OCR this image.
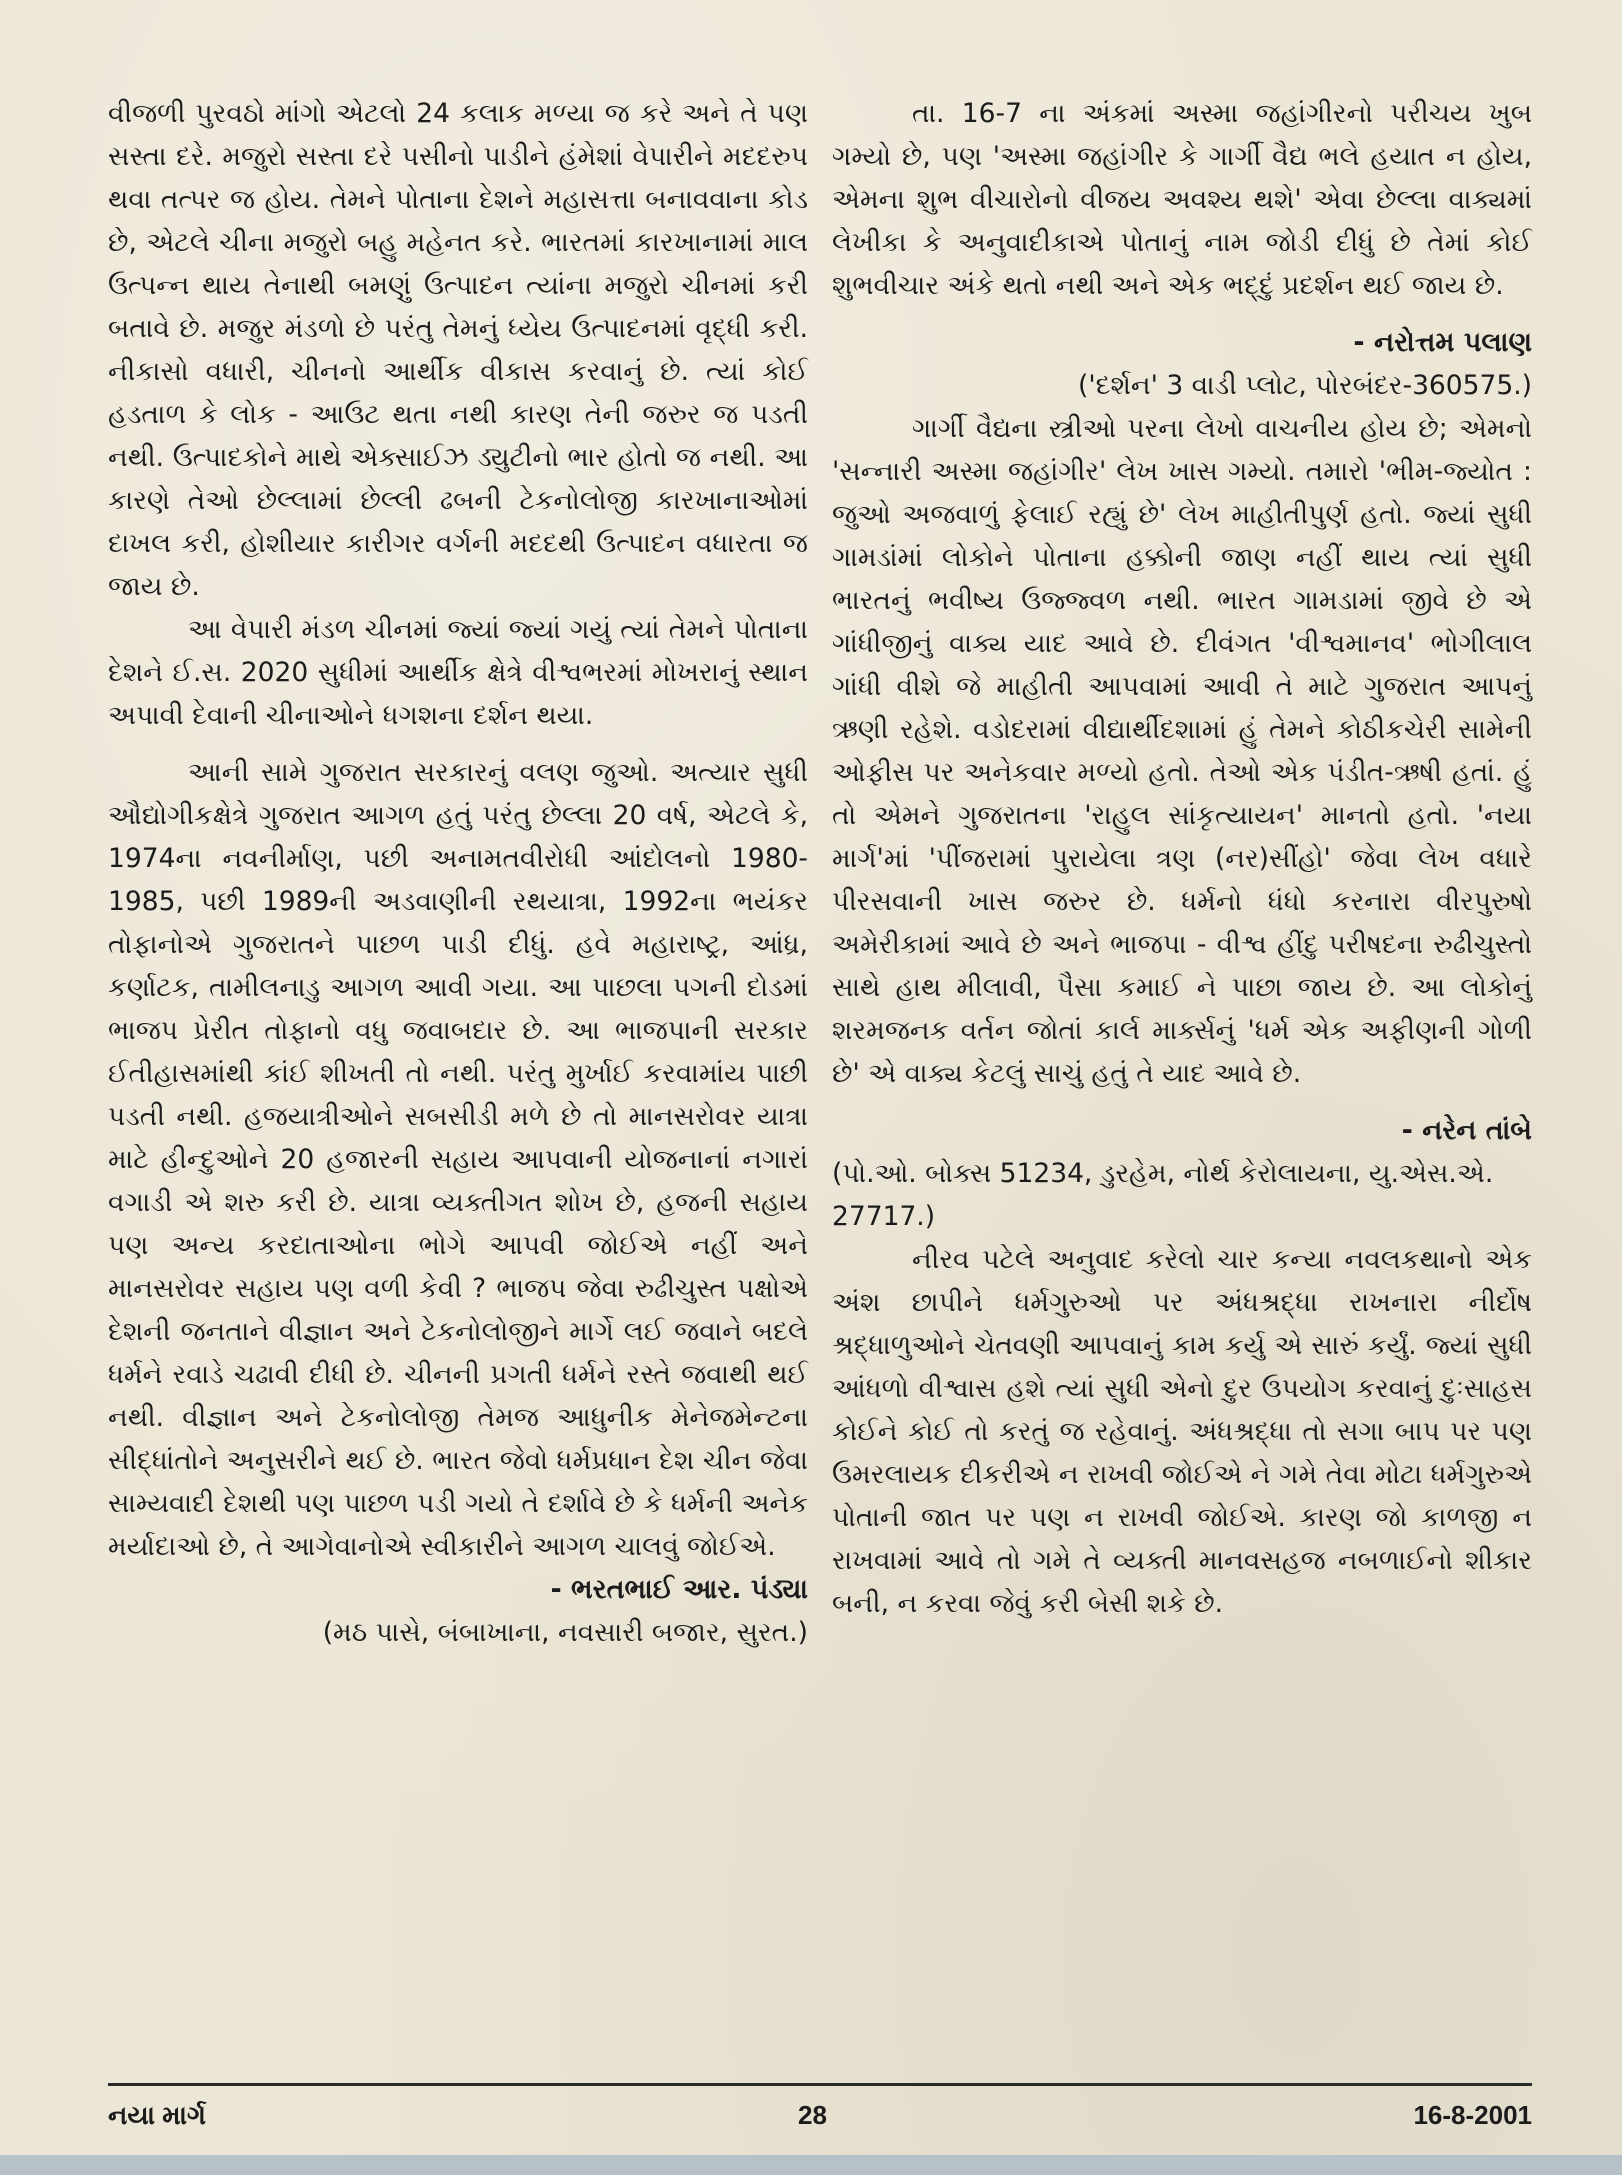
વીજળી પુરવઠો માંગો એટલો 24 કલાક મળ્યા જ કરે અને તે પણ સસ્તા દરે. મજુરો સસ્તા દરે પસીનો પાડીને હંમેશાં વેપારીને મદદરુપ થવા તત્પર જ હોય. તેમને પોતાના દેશને મહાસત્તા બનાવવાના કોડ છે, એટલે ચીના મજુરો બહુ મહેનત કરે. ભારતમાં કારખાનામાં માલ ઉત્પન્ન થાય તેનાથી બમણું ઉત્પાદન ત્યાંના મજુરો ચીનમાં કરી બતાવે છે. મજુર મંડળો છે પરંતુ તેમનું ધ્યેય ઉત્પાદનમાં વૃદ્ધી કરી. નીકાસો વધારી, ચીનનો આર્થીક વીકાસ કરવાનું છે. ત્યાં કોઈ હડતાળ કે લોક - આઉટ થતા નથી કારણ તેની જરુર જ પડતી નથી. ઉત્પાદકોને માથે એક્સાઈઝ ડ્યુટીનો ભાર હોતો જ નથી. આ કારણે તેઓ છેલ્લામાં છેલ્લી ઢબની ટેકનોલોજી કારખાનાઓમાં દાખલ કરી, હોશીયાર કારીગર વર્ગની મદદથી ઉત્પાદન વધારતા જ જાય છે.

આ વેપારી મંડળ ચીનમાં જ્યાં જ્યાં ગયું ત્યાં તેમને પોતાના દેશને ઈ.સ. 2020 સુધીમાં આર્થીક ક્ષેત્રે વીશ્વભરમાં મોખરાનું સ્થાન અપાવી દેવાની ચીનાઓને ધગશના દર્શન થયા.

આની સામે ગુજરાત સરકારનું વલણ જુઓ. અત્યાર સુધી ઔદ્યોગીકક્ષેત્રે ગુજરાત આગળ હતું પરંતુ છેલ્લા 20 વર્ષ, એટલે કે, 1974ના નવનીર્માણ, પછી અનામતવીરોધી આંદોલનો 1980-1985, પછી 1989ની અડવાણીની રથયાત્રા, 1992ના ભયંકર તોફાનોએ ગુજરાતને પાછળ પાડી દીધું. હવે મહારાષ્ટ્ર, આંધ્ર, કર્ણાટક, તામીલનાડુ આગળ આવી ગયા. આ પાછલા પગની દોડમાં ભાજપ પ્રેરીત તોફાનો વધુ જવાબદાર છે. આ ભાજપાની સરકાર ઈતીહાસમાંથી કાંઈ શીખતી તો નથી. પરંતુ મુર્ખાઈ કરવામાંય પાછી પડતી નથી. હજયાત્રીઓને સબસીડી મળે છે તો માનસરોવર યાત્રા માટે હીન્દુઓને 20 હજારની સહાય આપવાની યોજનાનાં નગારાં વગાડી એ શરુ કરી છે. યાત્રા વ્યક્તીગત શોખ છે, હજની સહાય પણ અન્ય કરદાતાઓના ભોગે આપવી જોઈએ નહીં અને માનસરોવર સહાય પણ વળી કેવી ? ભાજપ જેવા રુઢીચુસ્ત પક્ષોએ દેશની જનતાને વીજ્ઞાન અને ટેકનોલોજીને માર્ગે લઈ જવાને બદલે ધર્મને રવાડે ચઢાવી દીધી છે. ચીનની પ્રગતી ધર્મને રસ્તે જવાથી થઈ નથી. વીજ્ઞાન અને ટેકનોલોજી તેમજ આધુનીક મેનેજમેન્ટના સીદ્ધાંતોને અનુસરીને થઈ છે. ભારત જેવો ધર્મપ્રધાન દેશ ચીન જેવા સામ્યવાદી દેશથી પણ પાછળ પડી ગયો તે દર્શાવે છે કે ધર્મની અનેક મર્યાદાઓ છે, તે આગેવાનોએ સ્વીકારીને આગળ ચાલવું જોઈએ.

- ભરતભાઈ આર. પંડ્યા

(મઠ પાસે, બંબાખાના, નવસારી બજાર, સુરત.)

તા. 16-7 ના અંકમાં અસ્મા જહાંગીરનો પરીચય ખુબ ગમ્યો છે, પણ 'અસ્મા જહાંગીર કે ગાર્ગી વૈદ્ય ભલે હયાત ન હોય, એમના શુભ વીચારોનો વીજય અવશ્ય થશે' એવા છેલ્લા વાક્યમાં લેખીકા કે અનુવાદીકાએ પોતાનું નામ જોડી દીધું છે તેમાં કોઈ શુભવીચાર અંકે થતો નથી અને એક ભદ્દું પ્રદર્શન થઈ જાય છે.

- નરોત્તમ પલાણ

('દર્શન' 3 વાડી પ્લોટ, પોરબંદર-360575.)

ગાર્ગી વૈદ્યના સ્ત્રીઓ પરના લેખો વાચનીય હોય છે; એમનો 'સન્નારી અસ્મા જહાંગીર' લેખ ખાસ ગમ્યો. તમારો 'ભીમ-જ્યોત : જુઓ અજવાળું ફેલાઈ રહ્યું છે' લેખ માહીતીપુર્ણ હતો. જ્યાં સુધી ગામડાંમાં લોકોને પોતાના હક્કોની જાણ નહીં થાય ત્યાં સુધી ભારતનું ભવીષ્ય ઉજ્જ્વળ નથી. ભારત ગામડામાં જીવે છે એ ગાંધીજીનું વાક્ય યાદ આવે છે. દીવંગત 'વીશ્વમાનવ' ભોગીલાલ ગાંધી વીશે જે માહીતી આપવામાં આવી તે માટે ગુજરાત આપનું ઋણી રહેશે. વડોદરામાં વીદ્યાર્થીદશામાં હું તેમને કોઠીકચેરી સામેની ઓફીસ પર અનેકવાર મળ્યો હતો. તેઓ એક પંડીત-ઋષી હતાં. હું તો એમને ગુજરાતના 'રાહુલ સાંકૃત્યાયન' માનતો હતો. 'નયા માર્ગ'માં 'પીંજરામાં પુરાયેલા ત્રણ (નર)સીંહો' જેવા લેખ વધારે પીરસવાની ખાસ જરુર છે. ધર્મનો ધંધો કરનારા વીરપુરુષો અમેરીકામાં આવે છે અને ભાજપા - વીશ્વ હીંદુ પરીષદના રુઢીચુસ્તો સાથે હાથ મીલાવી, પૈસા કમાઈ ને પાછા જાય છે. આ લોકોનું શરમજનક વર્તન જોતાં કાર્લ માર્ક્સનું 'ધર્મ એક અફીણની ગોળી છે' એ વાક્ય કેટલું સાચું હતું તે યાદ આવે છે.

- નરેન તાંબે

(પો.ઓ. બોક્સ 51234, ડુરહેમ, નોર્થ કેરોલાયના, યુ.એસ.એ. 27717.)

નીરવ પટેલે અનુવાદ કરેલો ચાર કન્યા નવલકથાનો એક અંશ છાપીને ધર્મગુરુઓ પર અંધશ્રદ્ધા રાખનારા નીર્દોષ શ્રદ્ધાળુઓને ચેતવણી આપવાનું કામ કર્યુ એ સારું કર્યું. જ્યાં સુધી આંધળો વીશ્વાસ હશે ત્યાં સુધી એનો દુર ઉપયોગ કરવાનું દુઃસાહસ કોઈને કોઈ તો કરતું જ રહેવાનું. અંધશ્રદ્ધા તો સગા બાપ પર પણ ઉમરલાયક દીકરીએ ન રાખવી જોઈએ ને ગમે તેવા મોટા ધર્મગુરુએ પોતાની જાત પર પણ ન રાખવી જોઈએ. કારણ જો કાળજી ન રાખવામાં આવે તો ગમે તે વ્યક્તી માનવસહજ નબળાઈનો શીકાર બની, ન કરવા જેવું કરી બેસી શકે છે.

નયા માર્ગ	28	16-8-2001
